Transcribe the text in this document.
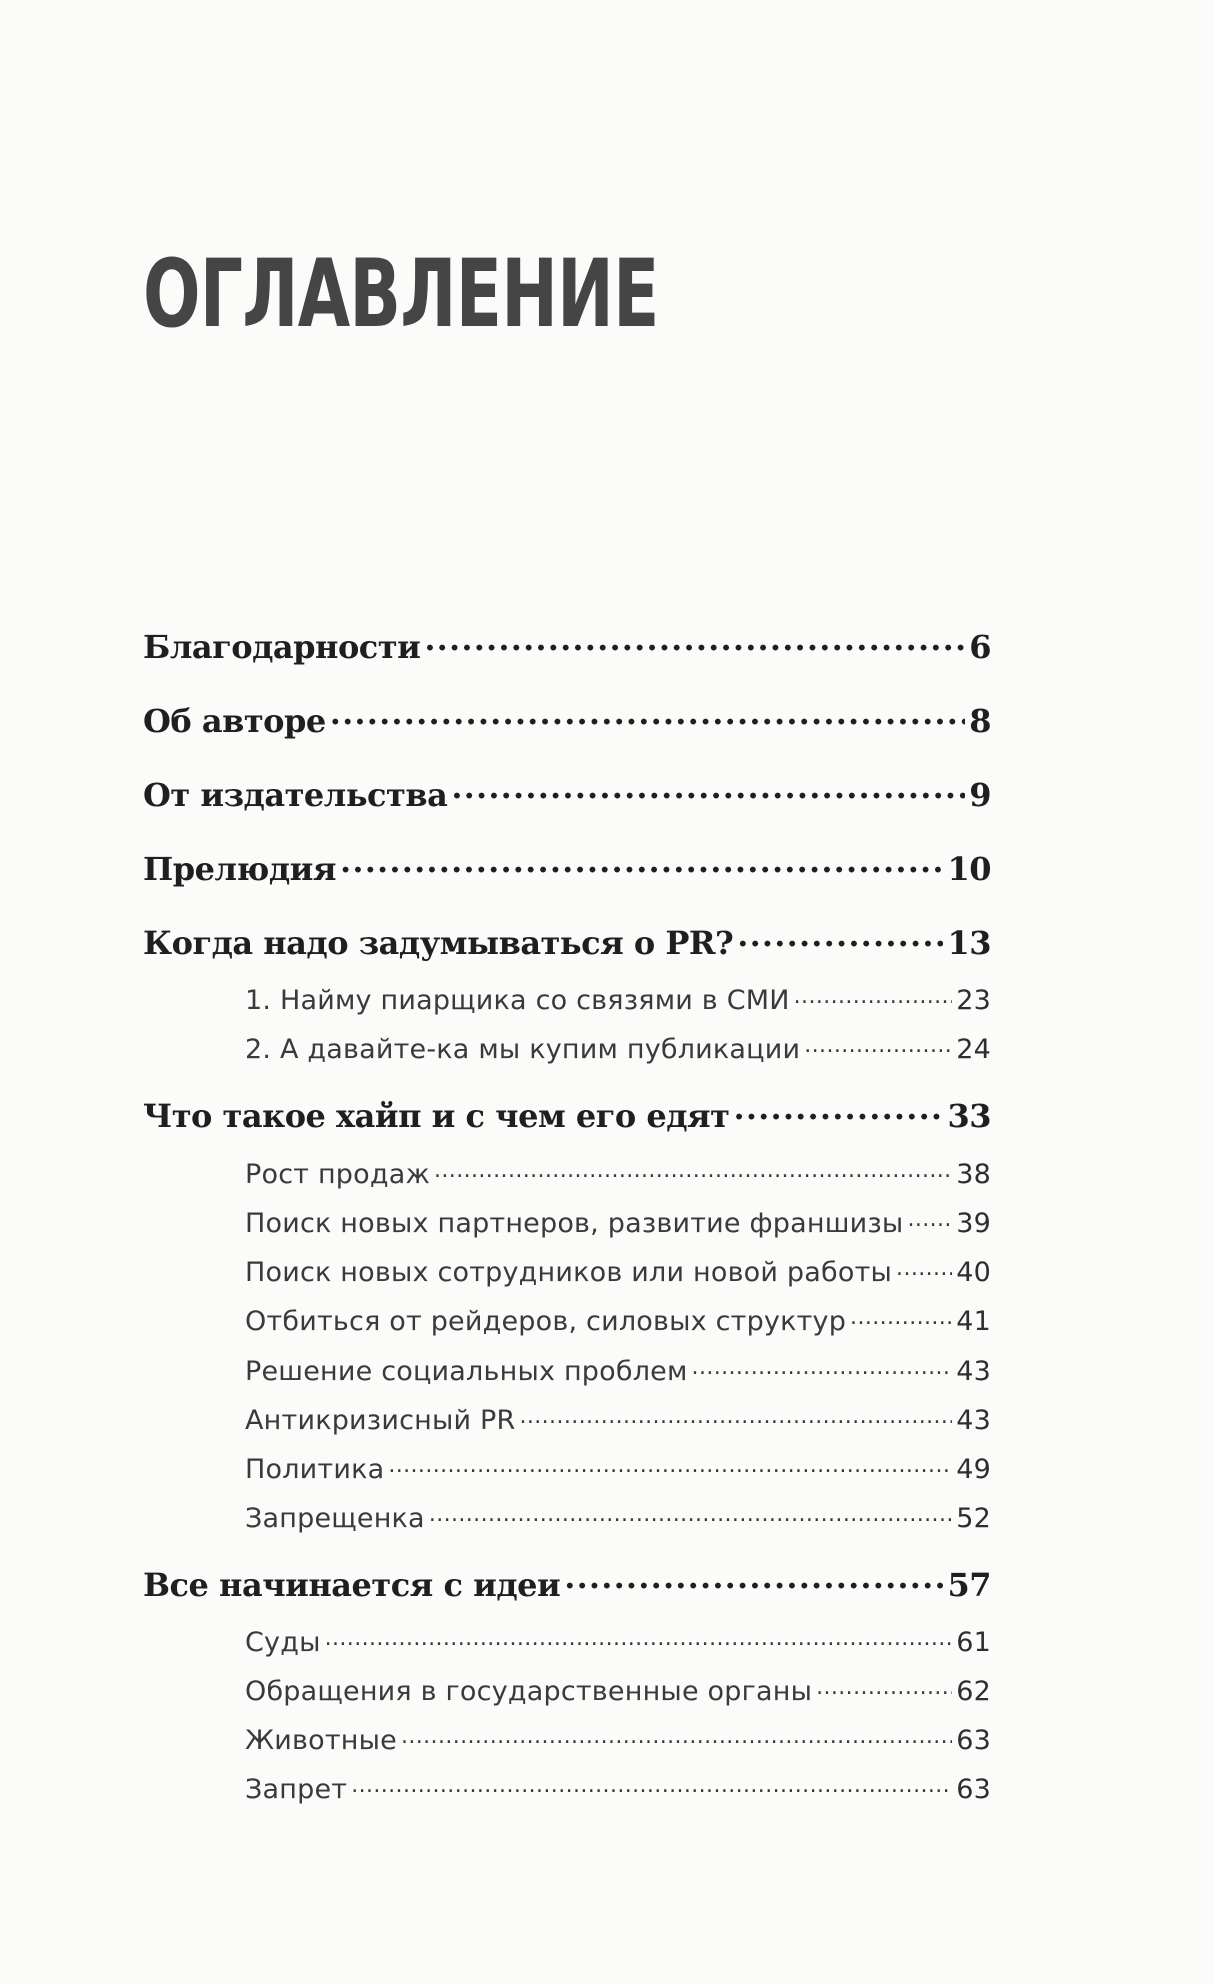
ОГЛАВЛЕНИЕ
Благодарности .....	6
Об авторе .....	8
От издательства .....	9
Прелюдия .....	10
Когда надо задумываться о PR? .....	13
1. Найму пиарщика со связями в СМИ .....	23
2. А давайте-ка мы купим публикации .....	24
Что такое хайп и с чем его едят .....	33
Рост продаж .....	38
Поиск новых партнеров, развитие франшизы ..... 39
Поиск новых сотрудников или новой работы ..... 40
Отбиться от рейдеров, силовых структур .....	41
Решение социальных проблем .....	43
Антикризисный PR .....	43
Политика .....	49
Запрещенка .....	52
Все начинается с идеи .....	57
Суды .....	61
Обращения в государственные органы .....	62
Животные .....	63
Запрет .....	63
